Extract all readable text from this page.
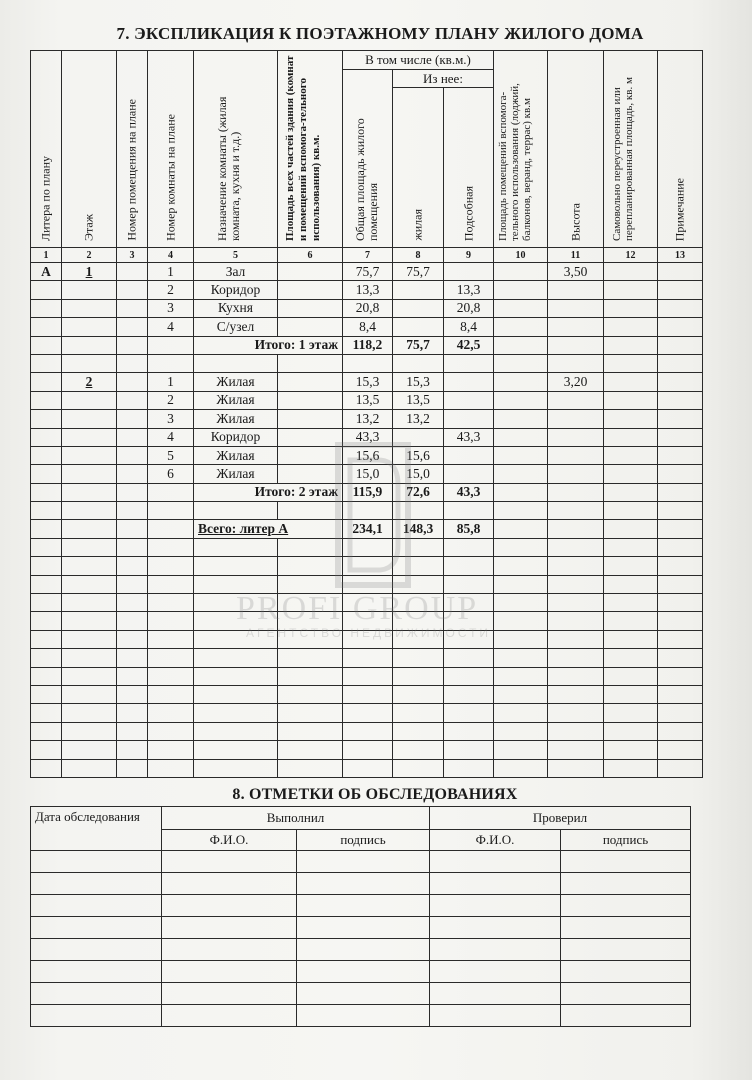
7. ЭКСПЛИКАЦИЯ К ПОЭТАЖНОМУ ПЛАНУ ЖИЛОГО ДОМА
Литера по плану	Этаж	Номер помещения на плане	Номер комнаты на плане	Назначение комнаты (жилая комната, кухня и т.д.)	Площадь всех частей здания (комнат и помещений вспомога-тельного использования) кв.м.	В том числе (кв.м.)			Площадь помещений вспомога-тельного использования (лоджий, балконов, веранд, террас) кв.м	Высота	Самовольно переустроенная или перепланированная площадь, кв. м	Примечание

						Общая площадь жилого помещения	Из нее:					

							жилая	Подсобная				

1	2	3	4	5	6	7	8	9	10	11	12	13
А	1		1	Зал		75,7	75,7			3,50		
			2	Коридор		13,3		13,3				
			3	Кухня		20,8		20,8				
			4	С/узел		8,4		8,4				
				Итого: 1 этаж		118,2	75,7	42,5				

	2		1	Жилая		15,3	15,3			3,20		
			2	Жилая		13,5	13,5					
			3	Жилая		13,2	13,2					
			4	Коридор		43,3		43,3				
			5	Жилая		15,6	15,6					
			6	Жилая		15,0	15,0					
				Итого: 2 этаж		115,9	72,6	43,3				

				Всего: литер А		234,1	148,3	85,8				

PROFI GROUP
АГЕНТСТВО НЕДВИЖИМОСТИ
8. ОТМЕТКИ ОБ ОБСЛЕДОВАНИЯХ
Дата обследования	Выполнил		Проверил	
	Ф.И.О.	подпись	Ф.И.О.	подпись
